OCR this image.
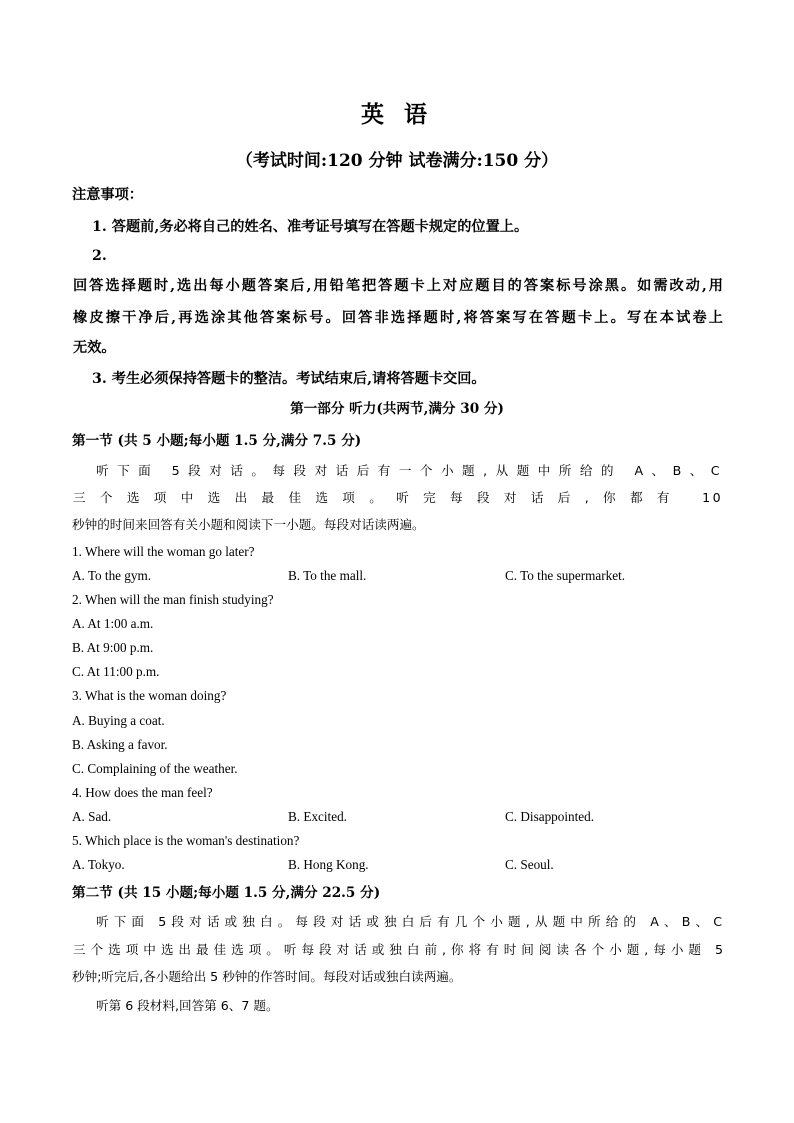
英 语
（考试时间:120 分钟 试卷满分:150 分）
注意事项：
1. 答题前,务必将自己的姓名、准考证号填写在答题卡规定的位置上。
2.
回答选择题时,选出每小题答案后,用铅笔把答题卡上对应题目的答案标号涂黑。如需改动,用
橡皮擦干净后,再选涂其他答案标号。回答非选择题时,将答案写在答题卡上。写在本试卷上
无效。
3. 考生必须保持答题卡的整洁。考试结束后,请将答题卡交回。
第一部分 听力(共两节,满分 30 分)
第一节 (共 5 小题;每小题 1.5 分,满分 7.5 分)
听下面 5段对话。每段对话后有一个小题,从题中所给的 A、B、C
三个选项中选出最佳选项。听完每段对话后,你都有 10
秒钟的时间来回答有关小题和阅读下一小题。每段对话读两遍。
1. Where will the woman go later?
A. To the gym.	B. To the mall.	C. To the supermarket.
2. When will the man finish studying?
A. At 1:00 a.m.
B. At 9:00 p.m.
C. At 11:00 p.m.
3. What is the woman doing?
A. Buying a coat.
B. Asking a favor.
C. Complaining of the weather.
4. How does the man feel?
A. Sad.	B. Excited.	C. Disappointed.
5. Which place is the woman's destination?
A. Tokyo.	B. Hong Kong.	C. Seoul.
第二节 (共 15 小题;每小题 1.5 分,满分 22.5 分)
听下面 5段对话或独白。每段对话或独白后有几个小题,从题中所给的 A、B、C
三个选项中选出最佳选项。听每段对话或独白前,你将有时间阅读各个小题,每小题 5
秒钟;听完后,各小题给出 5 秒钟的作答时间。每段对话或独白读两遍。
听第 6 段材料,回答第 6、7 题。
